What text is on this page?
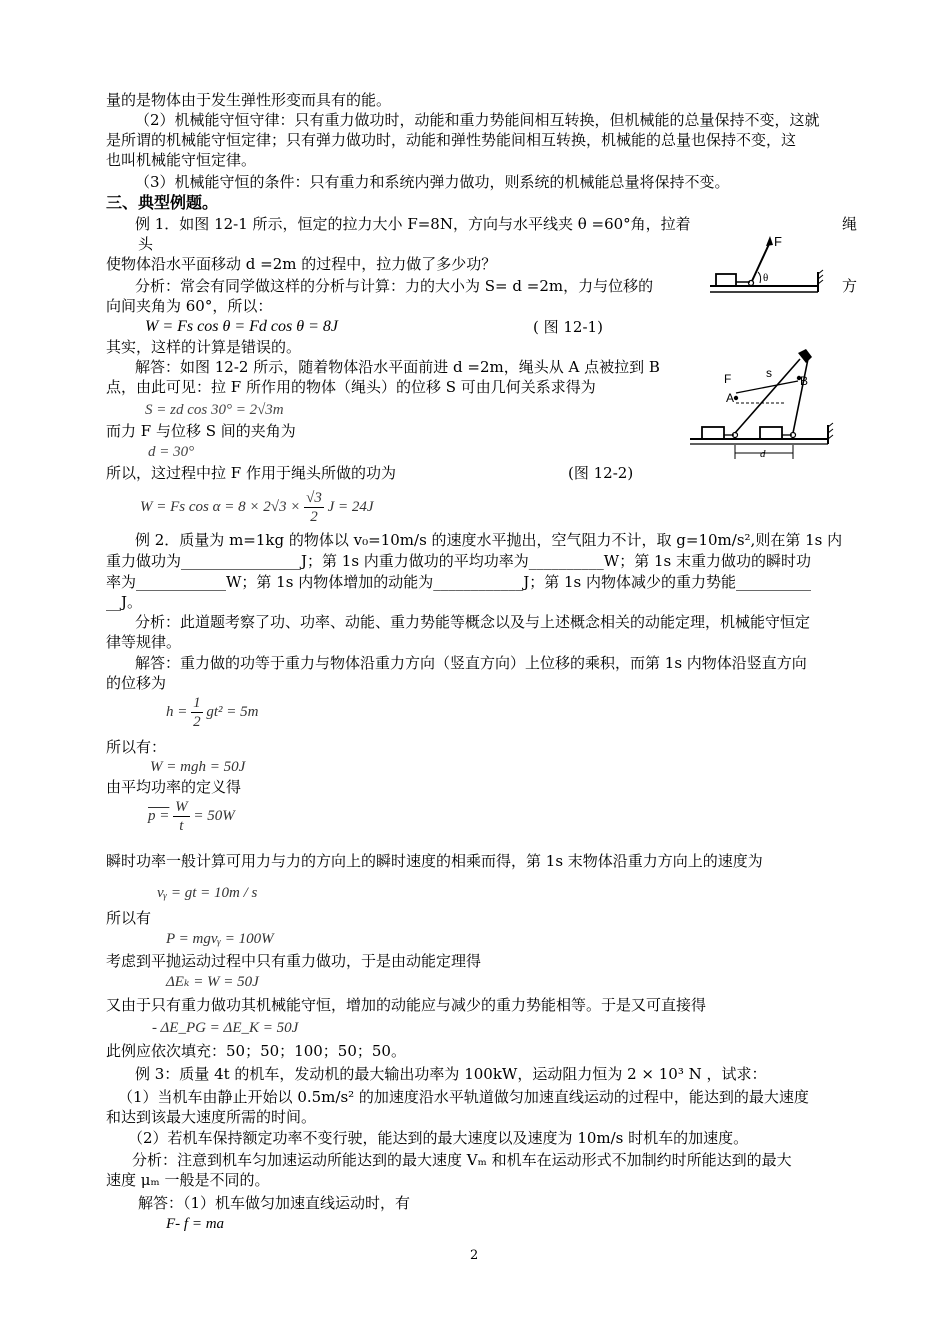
量的是物体由于发生弹性形变而具有的能。
（2）机械能守恒守律：只有重力做功时，动能和重力势能间相互转换，但机械能的总量保持不变，这就
是所谓的机械能守恒定律；只有弹力做功时，动能和弹性势能间相互转换，机械能的总量也保持不变，这
也叫机械能守恒定律。
（3）机械能守恒的条件：只有重力和系统内弹力做功，则系统的机械能总量将保持不变。
三、典型例题。
例 1．如图 12-1 所示，恒定的拉力大小 F=8N，方向与水平线夹 θ =60°角，拉着	绳
头
使物体沿水平面移动 d =2m 的过程中，拉力做了多少功？
分析：常会有同学做这样的分析与计算：力的大小为 S= d =2m，力与位移的	方
向间夹角为 60°，所以：
W = Fs cos θ = Fd cos θ = 8J	( 图 12-1)
其实，这样的计算是错误的。
解答：如图 12-2 所示，随着物体沿水平面前进 d =2m，绳头从 A 点被拉到 B
点，由此可见：拉 F 所作用的物体（绳头）的位移 S 可由几何关系求得为
S = zd cos 30° = 2√3m
而力 F 与位移 S 间的夹角为
d = 30°
所以，这过程中拉 F 作用于绳头所做的功为	(图 12-2)
W = Fs $\cos \alpha = 8 \times 2√3 \times \frac{√3}{2}$ J = 24J
F
θ
F	s
A
B
d
例 2．质量为 m=1kg 的物体以 v₀=10m/s 的速度水平抛出，空气阻力不计，取 g=10m/s²,则在第 1s 内
重力做功为________________J；第 1s 内重力做功的平均功率为__________W；第 1s 末重力做功的瞬时功
率为____________W；第 1s 内物体增加的动能为____________J；第 1s 内物体减少的重力势能__________
__J。
分析：此道题考察了功、功率、动能、重力势能等概念以及与上述概念相关的动能定理，机械能守恒定
律等规律。
解答：重力做的功等于重力与物体沿重力方向（竖直方向）上位移的乘积，而第 1s 内物体沿竖直方向
的位移为
$h = \frac{1}{2} gt^2 = 5m$
所以有：
W = mgh = 50J
由平均功率的定义得
$p = \frac{W}{t} = 50W$
瞬时功率一般计算可用力与力的方向上的瞬时速度的相乘而得，第 1s 末物体沿重力方向上的速度为
vᵧ = gt = 10m / s
所以有
P = mgvᵧ = 100W
考虑到平抛运动过程中只有重力做功，于是由动能定理得
ΔEₖ = W = 50J
又由于只有重力做功其机械能守恒，增加的动能应与减少的重力势能相等。于是又可直接得
- ΔE_PG = ΔE_K = 50J
此例应依次填充：50；50；100；50；50。
例 3：质量 4t 的机车，发动机的最大输出功率为 100kW，运动阻力恒为 2 × 10³ N ，试求：
（1）当机车由静止开始以 0.5m/s² 的加速度沿水平轨道做匀加速直线运动的过程中，能达到的最大速度
和达到该最大速度所需的时间。
（2）若机车保持额定功率不变行驶，能达到的最大速度以及速度为 10m/s 时机车的加速度。
分析：注意到机车匀加速运动所能达到的最大速度 Vₘ 和机车在运动形式不加制约时所能达到的最大
速度 μₘ 一般是不同的。
解答：（1）机车做匀加速直线运动时，有
F- f = ma
2
